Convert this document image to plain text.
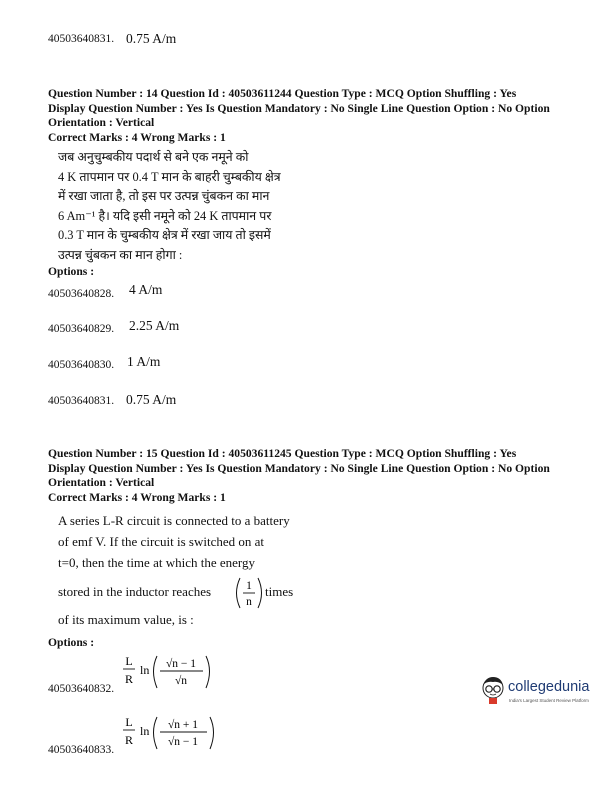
40503640831. 0.75 A/m
Question Number : 14 Question Id : 40503611244 Question Type : MCQ Option Shuffling : Yes
Display Question Number : Yes Is Question Mandatory : No Single Line Question Option : No Option
Orientation : Vertical
Correct Marks : 4 Wrong Marks : 1
जब अनुचुम्बकीय पदार्थ से बने एक नमूने को
4 K तापमान पर 0.4 T मान के बाहरी चुम्बकीय क्षेत्र
में रखा जाता है, तो इस पर उत्पन्न चुंबकन का मान
6 Am⁻¹ है। यदि इसी नमूने को 24 K तापमान पर
0.3 T मान के चुम्बकीय क्षेत्र में रखा जाय तो इसमें
उत्पन्न चुंबकन का मान होगा :
Options :
40503640828. 4 A/m
40503640829. 2.25 A/m
40503640830. 1 A/m
40503640831. 0.75 A/m
Question Number : 15 Question Id : 40503611245 Question Type : MCQ Option Shuffling : Yes
Display Question Number : Yes Is Question Mandatory : No Single Line Question Option : No Option
Orientation : Vertical
Correct Marks : 4 Wrong Marks : 1
A series L-R circuit is connected to a battery
of emf V. If the circuit is switched on at
t=0, then the time at which the energy
stored in the inductor reaches	1
n
times
of its maximum value, is :
Options :
L
R
ln √n − 1
√n
40503640832.
L
R
ln √n + 1
√n − 1
40503640833.
collegedunia
India's Largest Student Review Platform
